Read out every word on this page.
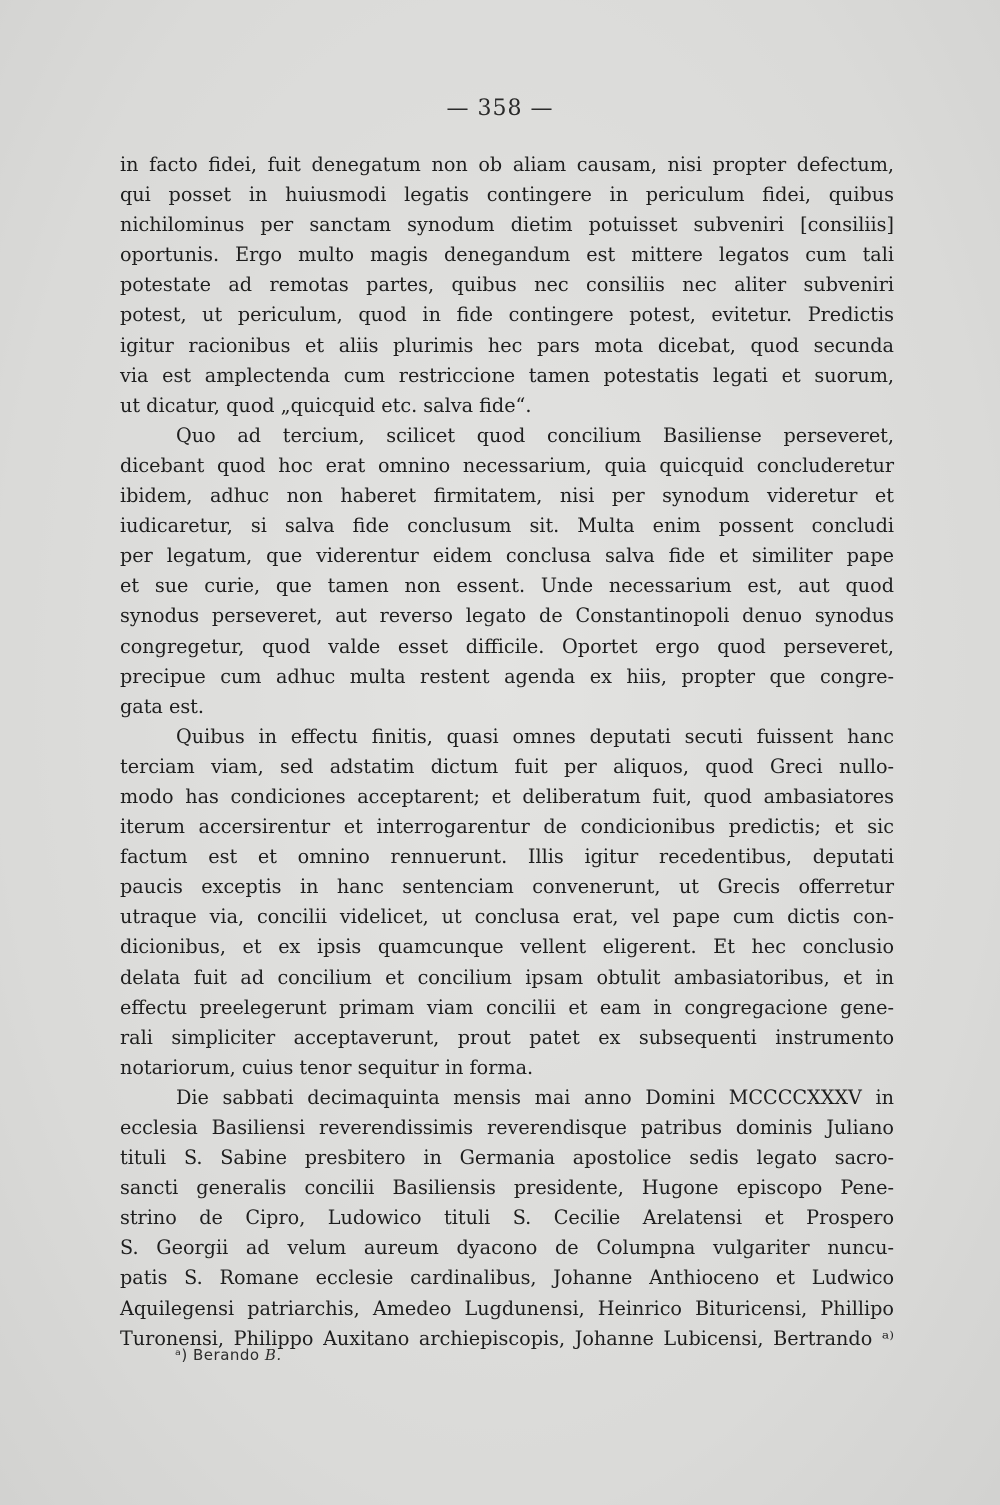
— 358 —
in facto fidei, fuit denegatum non ob aliam causam, nisi propter defectum,
qui posset in huiusmodi legatis contingere in periculum fidei, quibus
nichilominus per sanctam synodum dietim potuisset subveniri [consiliis]
oportunis. Ergo multo magis denegandum est mittere legatos cum tali
potestate ad remotas partes, quibus nec consiliis nec aliter subveniri
potest, ut periculum, quod in fide contingere potest, evitetur. Predictis
igitur racionibus et aliis plurimis hec pars mota dicebat, quod secunda
via est amplectenda cum restriccione tamen potestatis legati et suorum,
ut dicatur, quod „quicquid etc. salva fide“.
Quo ad tercium, scilicet quod concilium Basiliense perseveret,
dicebant quod hoc erat omnino necessarium, quia quicquid concluderetur
ibidem, adhuc non haberet firmitatem, nisi per synodum videretur et
iudicaretur, si salva fide conclusum sit. Multa enim possent concludi
per legatum, que viderentur eidem conclusa salva fide et similiter pape
et sue curie, que tamen non essent. Unde necessarium est, aut quod
synodus perseveret, aut reverso legato de Constantinopoli denuo synodus
congregetur, quod valde esset difficile. Oportet ergo quod perseveret,
precipue cum adhuc multa restent agenda ex hiis, propter que congre-
gata est.
Quibus in effectu finitis, quasi omnes deputati secuti fuissent hanc
terciam viam, sed adstatim dictum fuit per aliquos, quod Greci nullo-
modo has condiciones acceptarent; et deliberatum fuit, quod ambasiatores
iterum accersirentur et interrogarentur de condicionibus predictis; et sic
factum est et omnino rennuerunt. Illis igitur recedentibus, deputati
paucis exceptis in hanc sentenciam convenerunt, ut Grecis offerretur
utraque via, concilii videlicet, ut conclusa erat, vel pape cum dictis con-
dicionibus, et ex ipsis quamcunque vellent eligerent. Et hec conclusio
delata fuit ad concilium et concilium ipsam obtulit ambasiatoribus, et in
effectu preelegerunt primam viam concilii et eam in congregacione gene-
rali simpliciter acceptaverunt, prout patet ex subsequenti instrumento
notariorum, cuius tenor sequitur in forma.
Die sabbati decimaquinta mensis mai anno Domini MCCCCXXXV in
ecclesia Basiliensi reverendissimis reverendisque patribus dominis Juliano
tituli S. Sabine presbitero in Germania apostolice sedis legato sacro-
sancti generalis concilii Basiliensis presidente, Hugone episcopo Pene-
strino de Cipro, Ludowico tituli S. Cecilie Arelatensi et Prospero
S. Georgii ad velum aureum dyacono de Columpna vulgariter nuncu-
patis S. Romane ecclesie cardinalibus, Johanne Anthioceno et Ludwico
Aquilegensi patriarchis, Amedeo Lugdunensi, Heinrico Bituricensi, Phillipo
Turonensi, Philippo Auxitano archiepiscopis, Johanne Lubicensi, Bertrando ᵃ⁾
ᵃ) Berando B.
